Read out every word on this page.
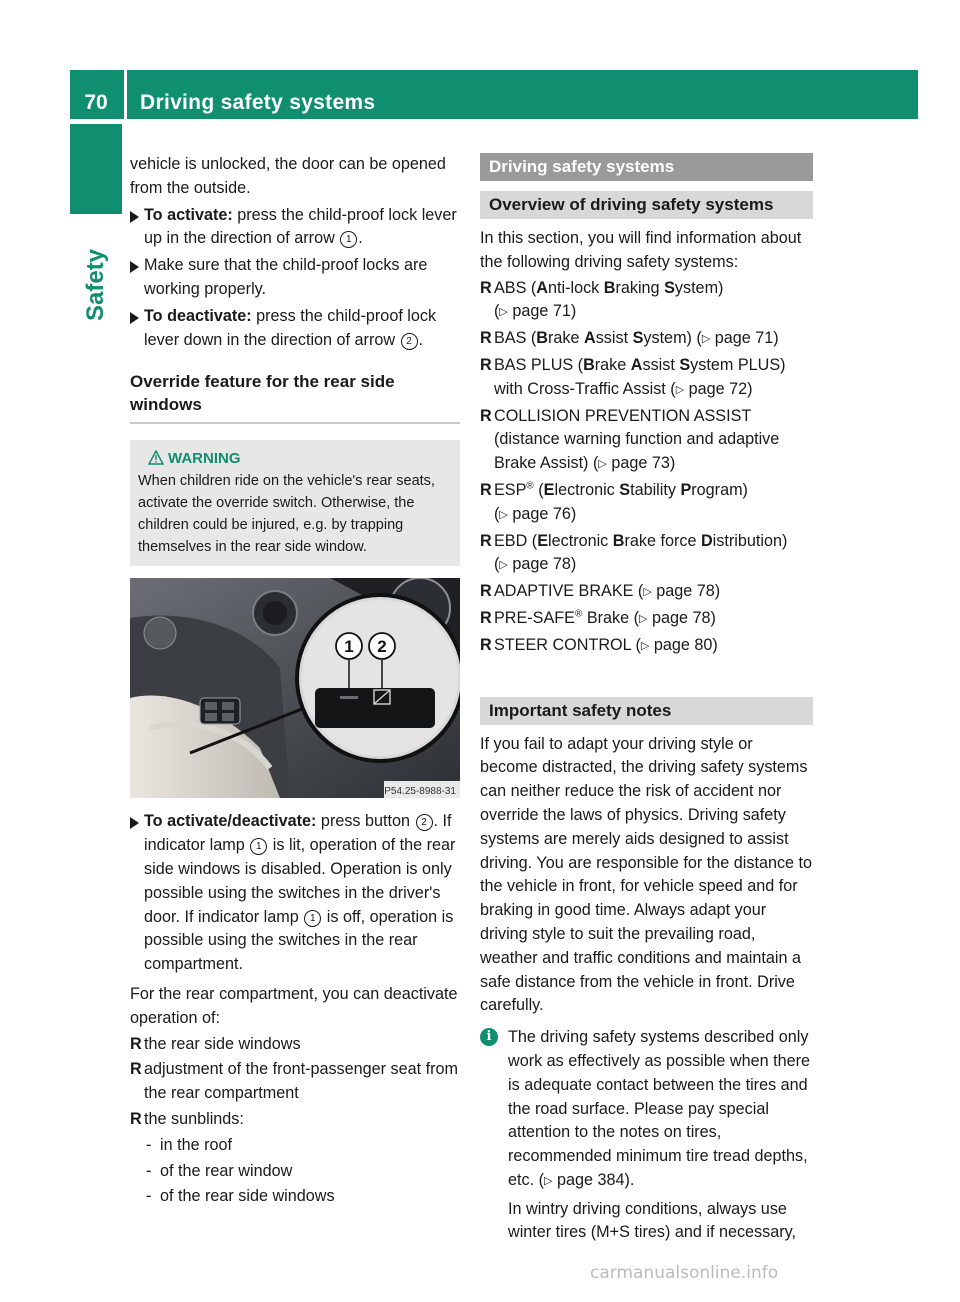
70	Driving safety systems
Safety

vehicle is unlocked, the door can be opened from the outside.

To activate: press the child-proof lock lever up in the direction of arrow 1 .
Make sure that the child-proof locks are working properly.
To deactivate: press the child-proof lock lever down in the direction of arrow 2 .
Override feature for the rear side windows
WARNING

When children ride on the vehicle's rear seats, activate the override switch. Otherwise, the children could be injured, e.g. by trapping themselves in the rear side window.

1 2
P54.25-8988-31
To activate/deactivate: press button 2 . If indicator lamp 1 is lit, operation of the rear side windows is disabled. Operation is only possible using the switches in the driver's door. If indicator lamp 1 is off, operation is possible using the switches in the rear compartment.

For the rear compartment, you can deactivate operation of:

R the rear side windows
R adjustment of the front-passenger seat from the rear compartment
R the sunblinds:
- in the roof
- of the rear window
- of the rear side windows
Driving safety systems
Overview of driving safety systems

In this section, you will find information about the following driving safety systems:

R ABS (Anti-lock Braking System)
(▷ page 71)
R BAS (Brake Assist System) (▷ page 71)
R BAS PLUS (Brake Assist System PLUS) with Cross-Traffic Assist (▷ page 72)
R COLLISION PREVENTION ASSIST (distance warning function and adaptive Brake Assist) (▷ page 73)
R ESP® (Electronic Stability Program)
(▷ page 76)
R EBD (Electronic Brake force Distribution)
(▷ page 78)
R ADAPTIVE BRAKE (▷ page 78)
R PRE-SAFE® Brake (▷ page 78)
R STEER CONTROL (▷ page 80)
Important safety notes

If you fail to adapt your driving style or become distracted, the driving safety systems can neither reduce the risk of accident nor override the laws of physics. Driving safety systems are merely aids designed to assist driving. You are responsible for the distance to the vehicle in front, for vehicle speed and for braking in good time. Always adapt your driving style to suit the prevailing road, weather and traffic conditions and maintain a safe distance from the vehicle in front. Drive carefully.

i	The driving safety systems described only work as effectively as possible when there is adequate contact between the tires and the road surface. Please pay special attention to the notes on tires, recommended minimum tire tread depths, etc. (▷ page 384).

In wintry driving conditions, always use winter tires (M+S tires) and if necessary,

carmanualsonline.info
